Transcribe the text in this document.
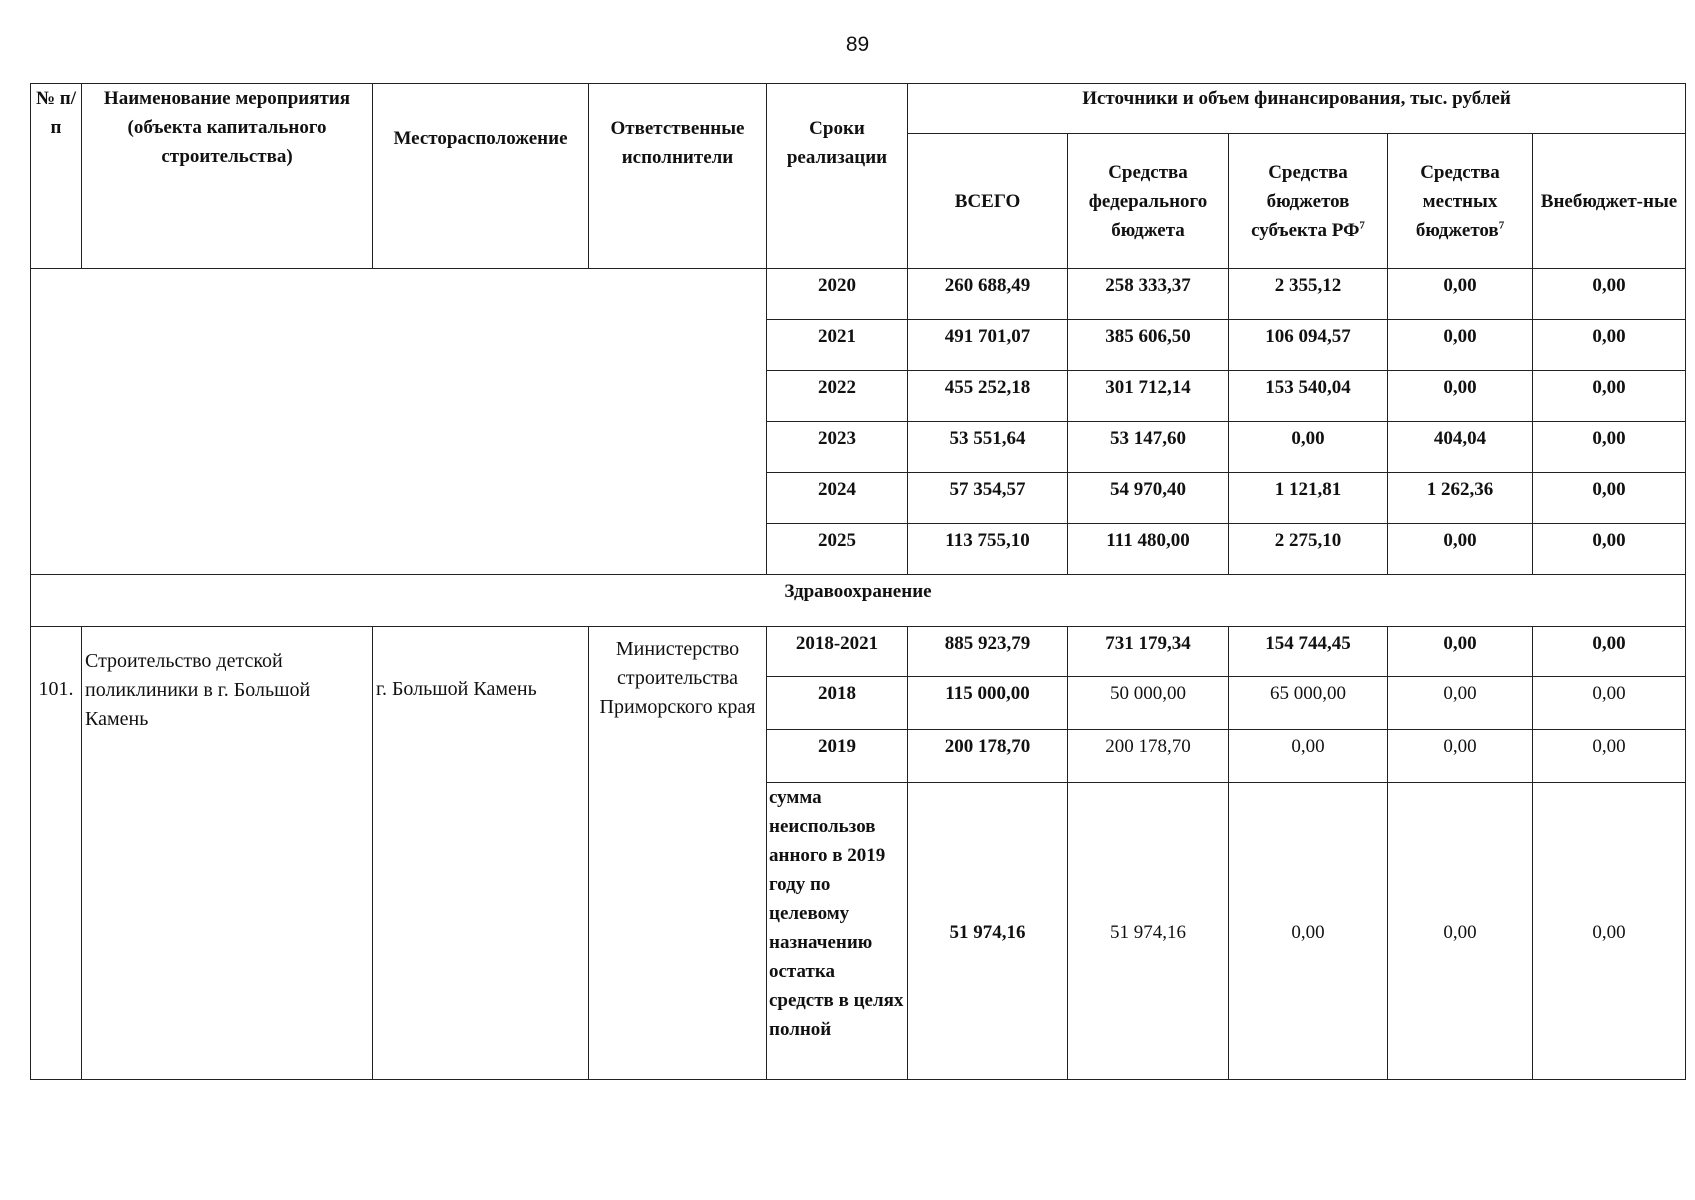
89
№ п/п	Наименование мероприятия (объекта капитального строительства)	Месторасположение	Ответственные исполнители	Сроки реализации	Источники и объем финансирования, тыс. рублей				
					ВСЕГО	Средства федерального бюджета	Средства бюджетов субъекта $РФ^7$	Средства местных бюджетов$^7$	Внебюджет-ные
				2020	260 688,49	258 333,37	2 355,12	0,00	0,00
				2021	491 701,07	385 606,50	106 094,57	0,00	0,00
				2022	455 252,18	301 712,14	153 540,04	0,00	0,00
				2023	53 551,64	53 147,60	0,00	404,04	0,00
				2024	57 354,57	54 970,40	1 121,81	1 262,36	0,00
				2025	113 755,10	111 480,00	2 275,10	0,00	0,00
Здравоохранение									
101.	Строительство детской поликлиники в г. Большой Камень	г. Большой Камень	Министерство строительства Приморского края	2018-2021	885 923,79	731 179,34	154 744,45	0,00	0,00
				2018	115 000,00	50 000,00	65 000,00	0,00	0,00
				2019	200 178,70	200 178,70	0,00	0,00	0,00
				сумма неиспользов анного в 2019 году по целевому назначению остатка средств в целях полной	51 974,16	51 974,16	0,00	0,00	0,00
